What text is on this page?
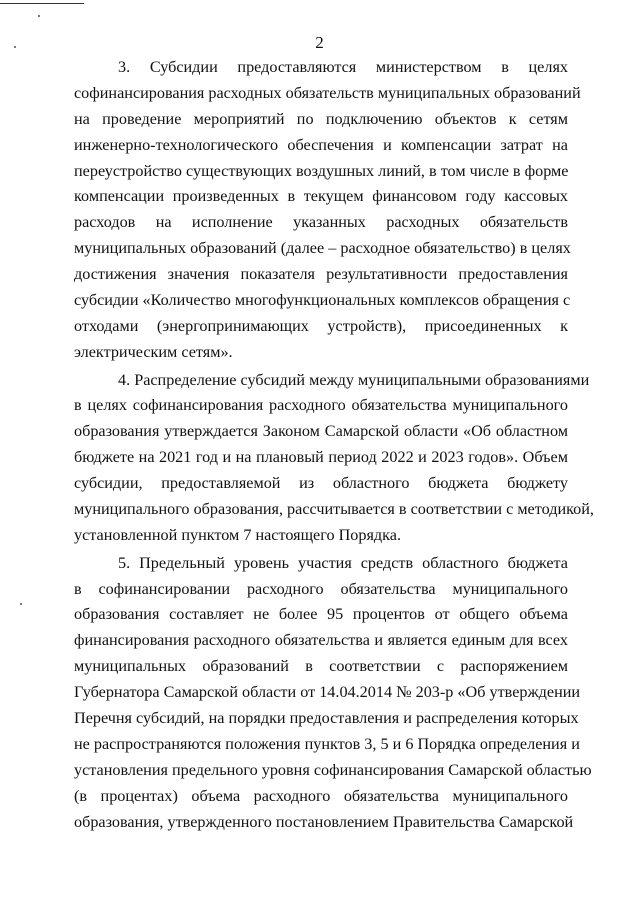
2
3. Субсидии предоставляются министерством в целях
софинансирования расходных обязательств муниципальных образований
на проведение мероприятий по подключению объектов к сетям
инженерно-технологического обеспечения и компенсации затрат на
переустройство существующих воздушных линий, в том числе в форме
компенсации произведенных в текущем финансовом году кассовых
расходов на исполнение указанных расходных обязательств
муниципальных образований (далее – расходное обязательство) в целях
достижения значения показателя результативности предоставления
субсидии «Количество многофункциональных комплексов обращения с
отходами (энергопринимающих устройств), присоединенных к
электрическим сетям».
4. Распределение субсидий между муниципальными образованиями
в целях софинансирования расходного обязательства муниципального
образования утверждается Законом Самарской области «Об областном
бюджете на 2021 год и на плановый период 2022 и 2023 годов». Объем
субсидии, предоставляемой из областного бюджета бюджету
муниципального образования, рассчитывается в соответствии с методикой,
установленной пунктом 7 настоящего Порядка.
5. Предельный уровень участия средств областного бюджета
в софинансировании расходного обязательства муниципального
образования составляет не более 95 процентов от общего объема
финансирования расходного обязательства и является единым для всех
муниципальных образований в соответствии с распоряжением
Губернатора Самарской области от 14.04.2014 № 203-р «Об утверждении
Перечня субсидий, на порядки предоставления и распределения которых
не распространяются положения пунктов 3, 5 и 6 Порядка определения и
установления предельного уровня софинансирования Самарской областью
(в процентах) объема расходного обязательства муниципального
образования, утвержденного постановлением Правительства Самарской
